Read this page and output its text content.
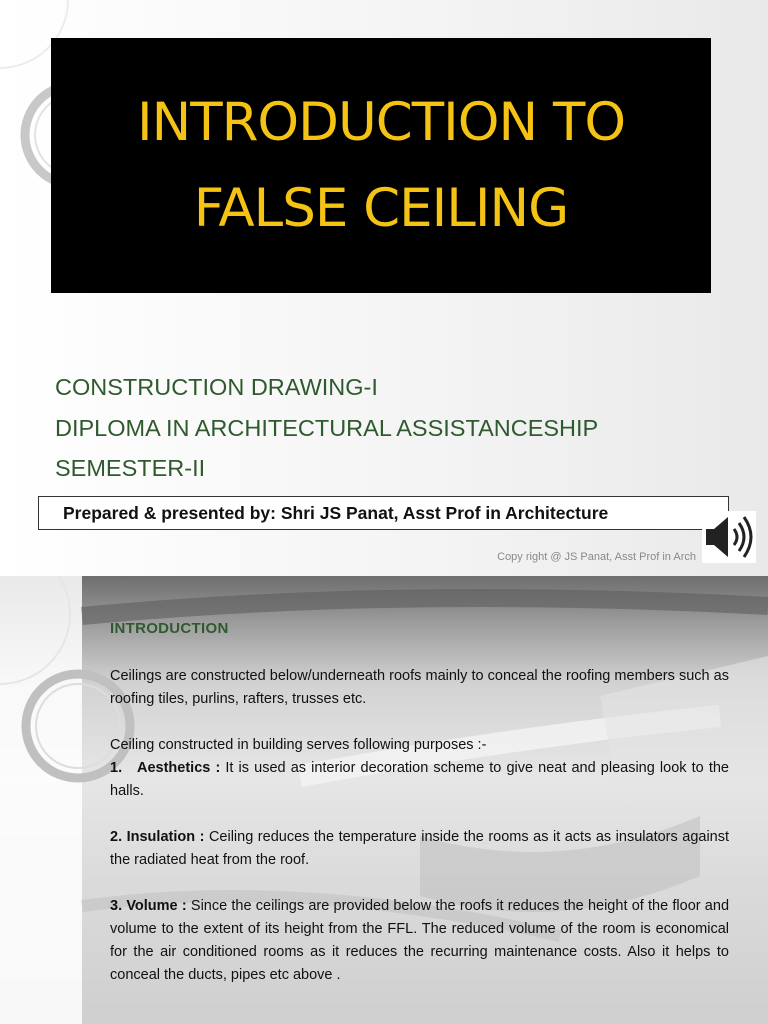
INTRODUCTION TO
FALSE CEILING
CONSTRUCTION DRAWING-I
DIPLOMA IN ARCHITECTURAL ASSISTANCESHIP
SEMESTER-II
Prepared & presented by: Shri JS Panat, Asst Prof in Architecture
Copy right @ JS Panat, Asst Prof in Arch
INTRODUCTION
Ceilings are constructed below/underneath roofs mainly to conceal the roofing members such as roofing tiles, purlins, rafters, trusses etc.
Ceiling constructed in building serves following purposes :-
1. Aesthetics : It is used as interior decoration scheme to give neat and pleasing look to the halls.
2. Insulation : Ceiling reduces the temperature inside the rooms as it acts as insulators against the radiated heat from the roof.
3. Volume : Since the ceilings are provided below the roofs it reduces the height of the floor and volume to the extent of its height from the FFL. The reduced volume of the room is economical for the air conditioned rooms as it reduces the recurring maintenance costs. Also it helps to conceal the ducts, pipes etc above .
